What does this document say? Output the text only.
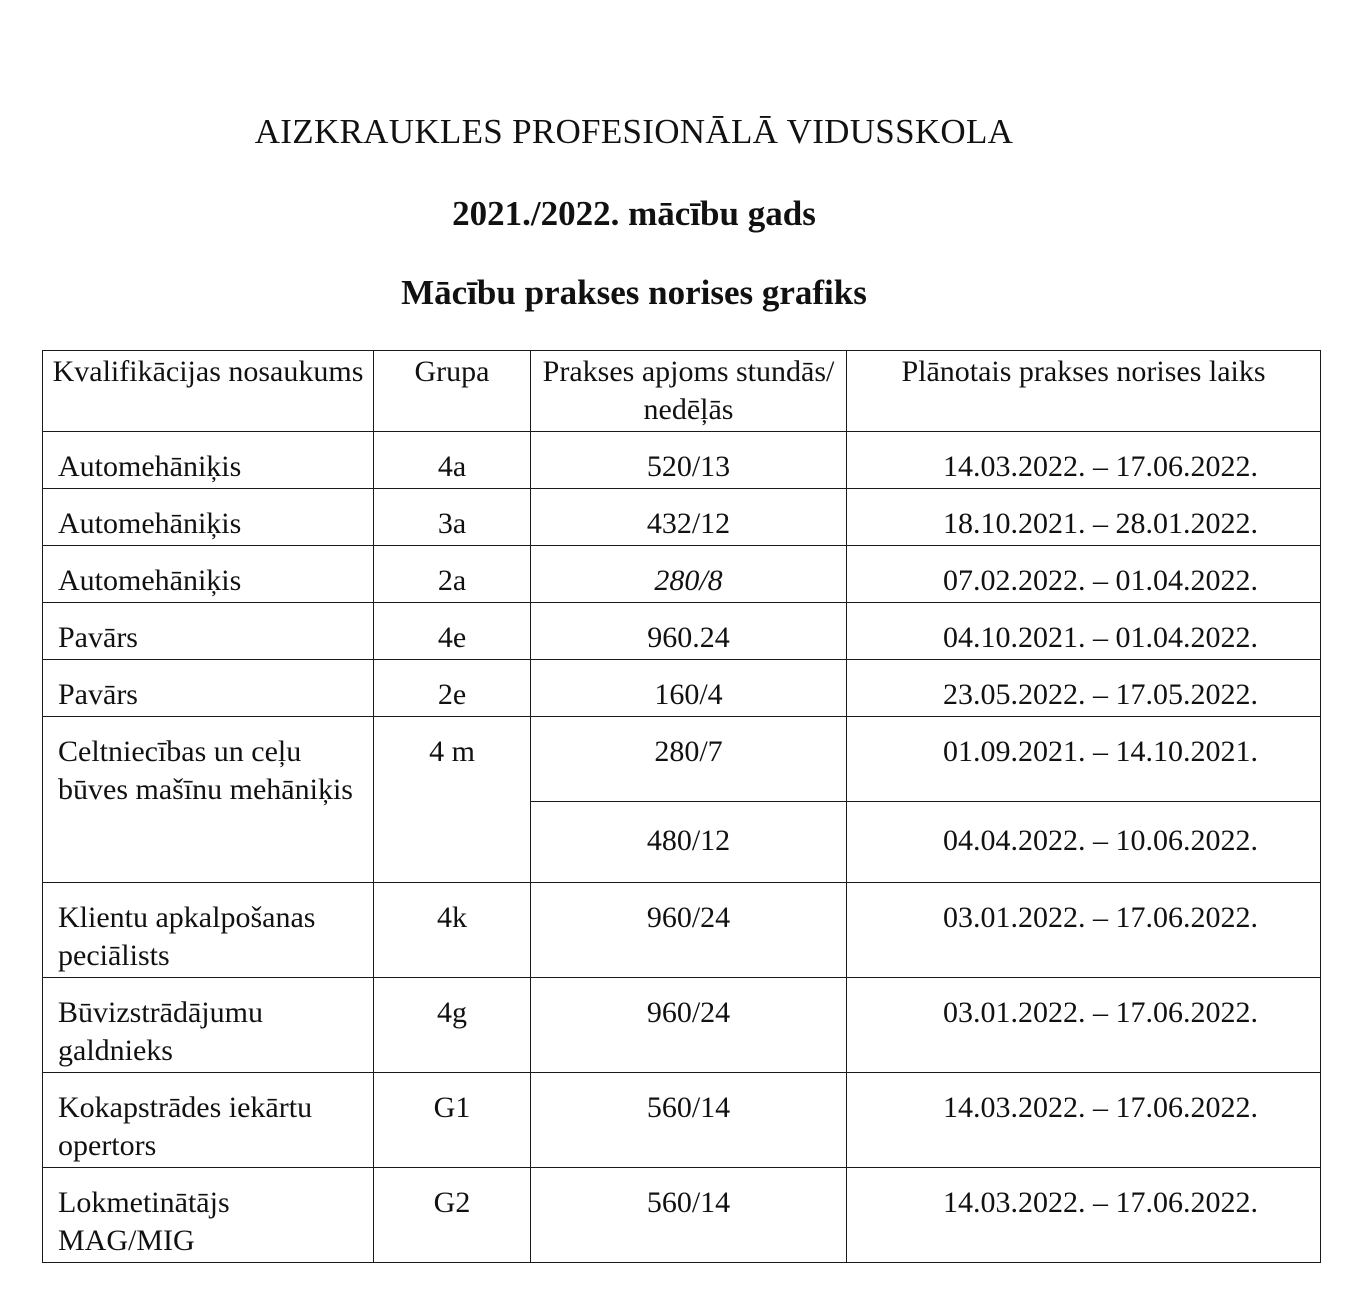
AIZKRAUKLES PROFESIONĀLĀ VIDUSSKOLA
2021./2022. mācību gads
Mācību prakses norises grafiks
Kvalifikācijas nosaukums	Grupa	Prakses apjoms stundās/ nedēļās	Plānotais prakses norises laiks
Automehāniķis	4a	520/13	14.03.2022. – 17.06.2022.
Automehāniķis	3a	432/12	18.10.2021. – 28.01.2022.
Automehāniķis	2a	280/8	07.02.2022. – 01.04.2022.
Pavārs	4e	960.24	04.10.2021. – 01.04.2022.
Pavārs	2e	160/4	23.05.2022. – 17.05.2022.
Celtniecības un ceļu būves mašīnu mehāniķis	4 m	280/7	01.09.2021. – 14.10.2021.
		480/12	04.04.2022. – 10.06.2022.
Klientu apkalpošanas peciālists	4k	960/24	03.01.2022. – 17.06.2022.
Būvizstrādājumu galdnieks	4g	960/24	03.01.2022. – 17.06.2022.
Kokapstrādes iekārtu opertors	G1	560/14	14.03.2022. – 17.06.2022.
Lokmetinātājs MAG/MIG	G2	560/14	14.03.2022. – 17.06.2022.
